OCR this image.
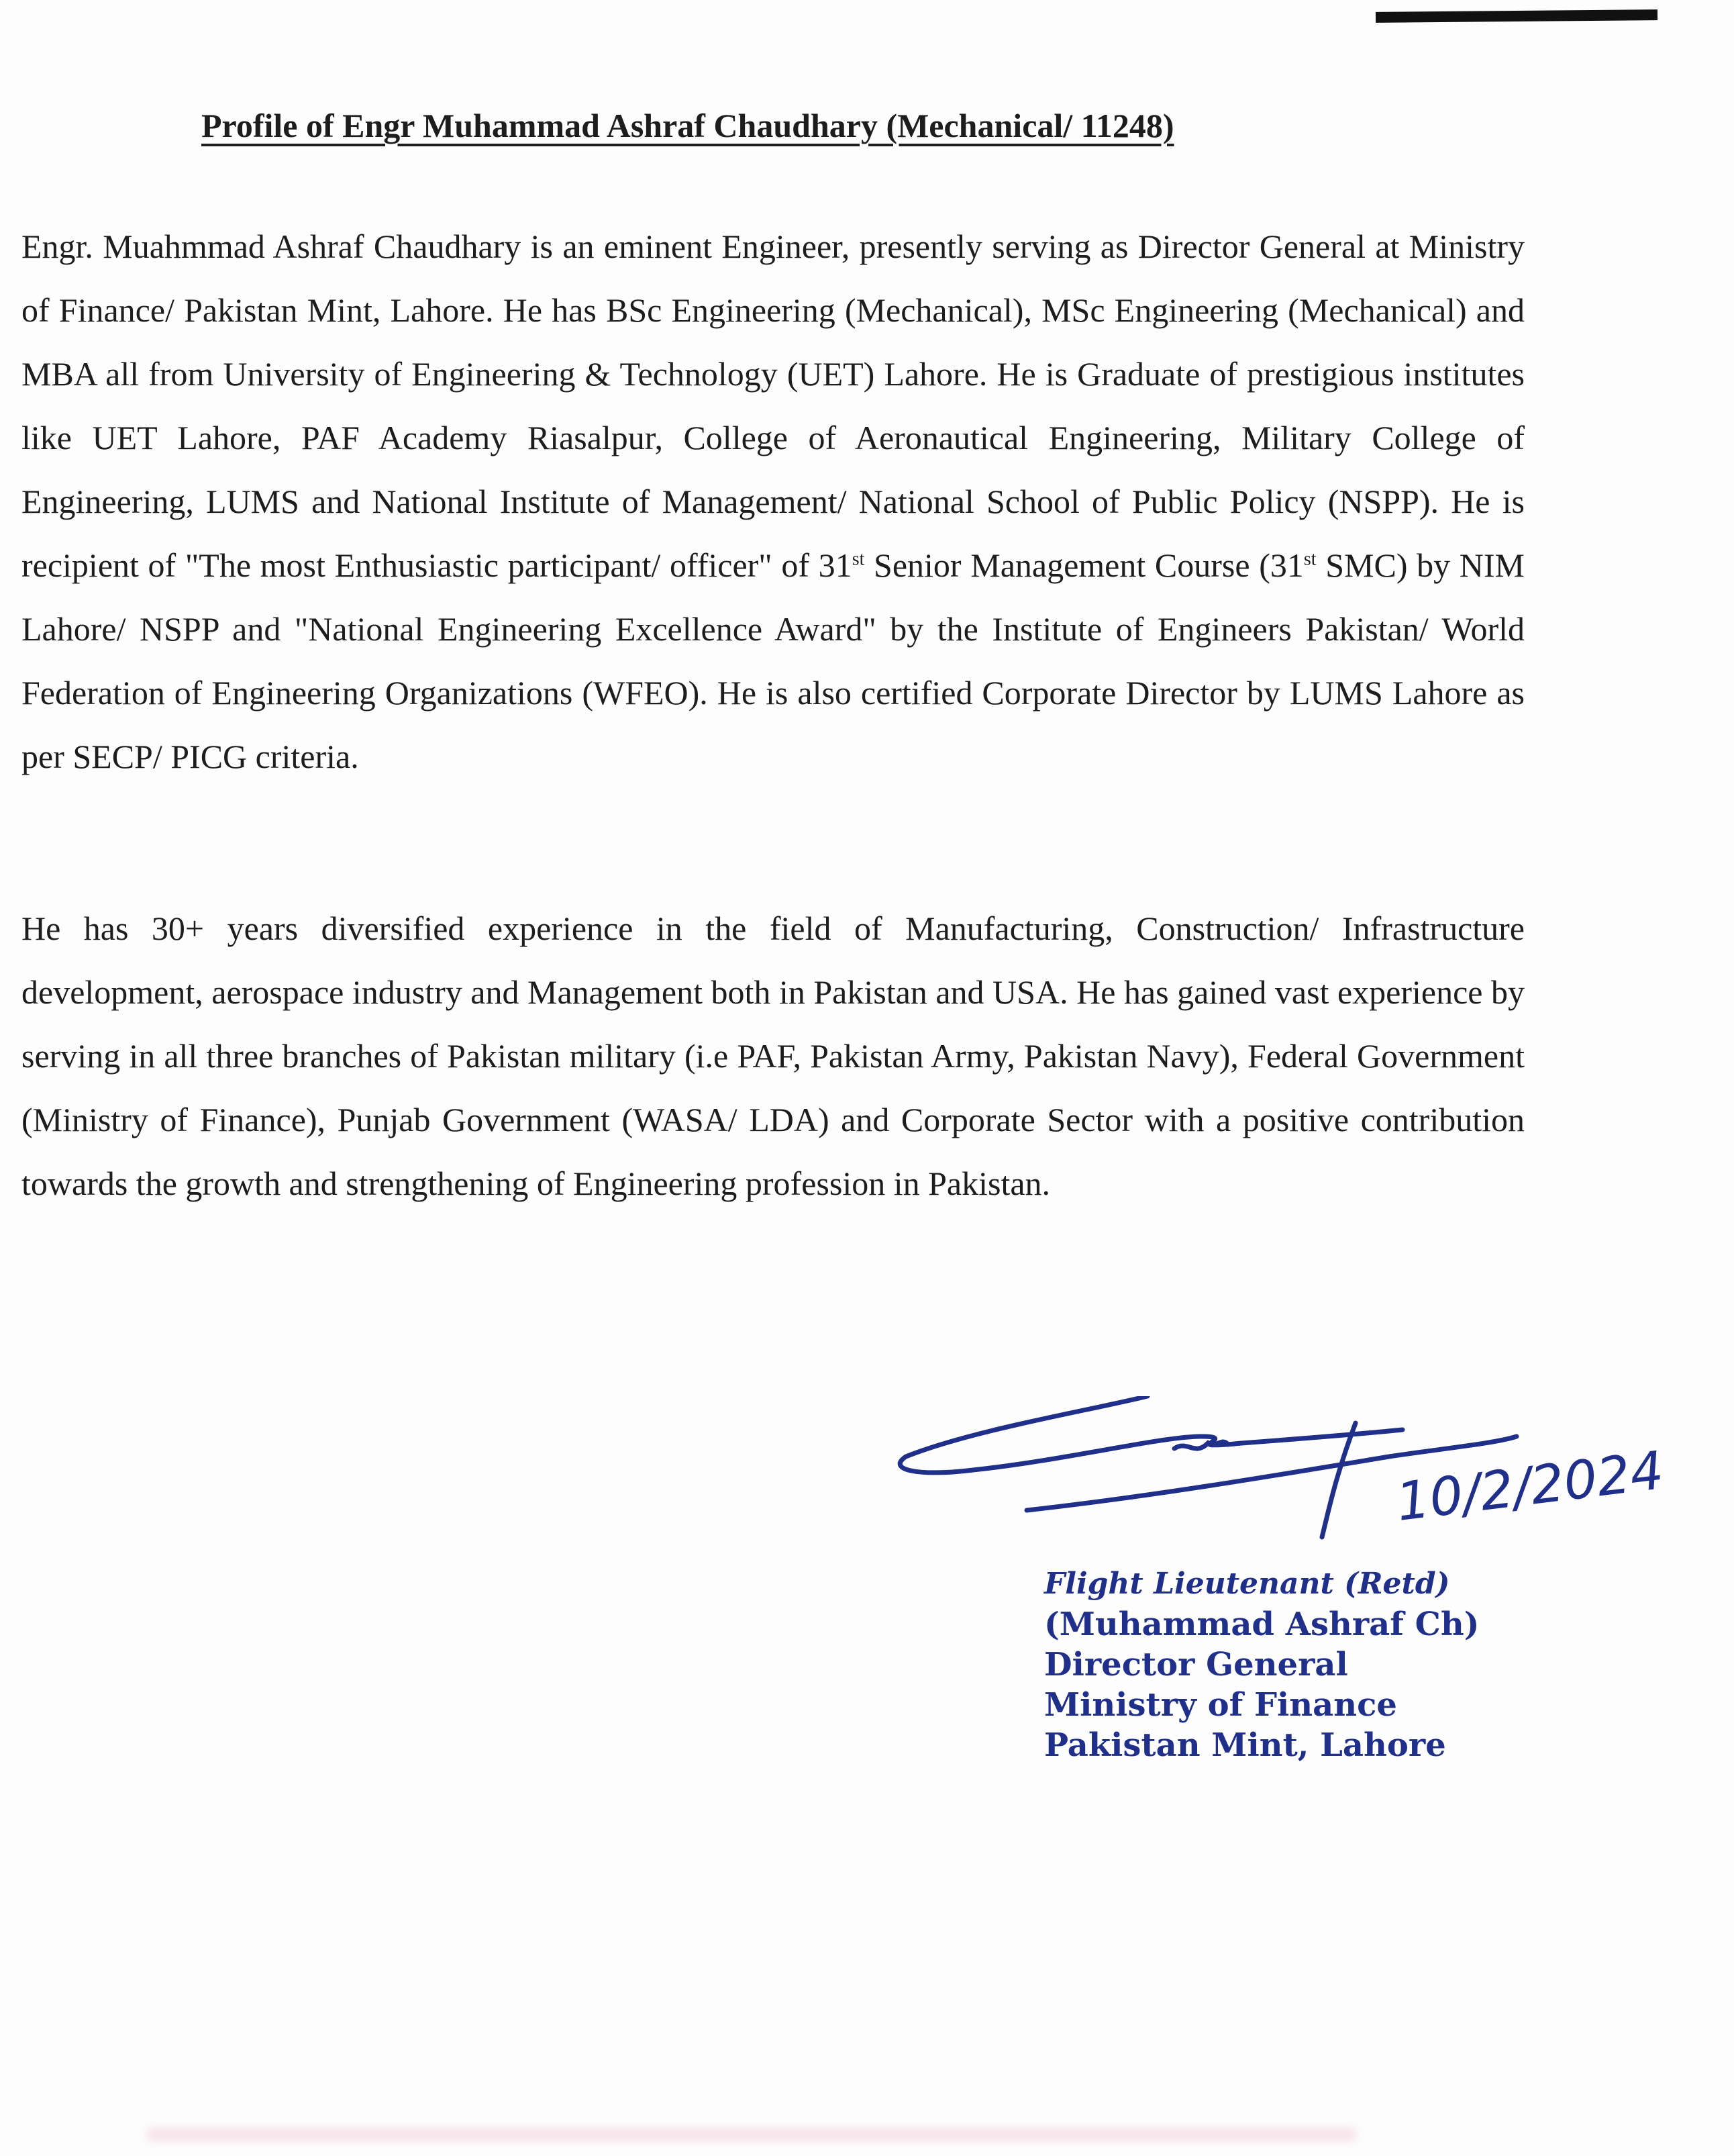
Profile of Engr Muhammad Ashraf Chaudhary (Mechanical/ 11248)

Engr. Muahmmad Ashraf Chaudhary is an eminent Engineer, presently serving as Director General at Ministry of Finance/ Pakistan Mint, Lahore. He has BSc Engineering (Mechanical), MSc Engineering (Mechanical) and MBA all from University of Engineering & Technology (UET) Lahore. He is Graduate of prestigious institutes like UET Lahore, PAF Academy Riasalpur, College of Aeronautical Engineering, Military College of Engineering, LUMS and National Institute of Management/ National School of Public Policy (NSPP). He is recipient of "The most Enthusiastic participant/ officer" of 31st Senior Management Course (31st SMC) by NIM Lahore/ NSPP and "National Engineering Excellence Award" by the Institute of Engineers Pakistan/ World Federation of Engineering Organizations (WFEO). He is also certified Corporate Director by LUMS Lahore as per SECP/ PICG criteria.

He has 30+ years diversified experience in the field of Manufacturing, Construction/ Infrastructure development, aerospace industry and Management both in Pakistan and USA. He has gained vast experience by serving in all three branches of Pakistan military (i.e PAF, Pakistan Army, Pakistan Navy), Federal Government (Ministry of Finance), Punjab Government (WASA/ LDA) and Corporate Sector with a positive contribution towards the growth and strengthening of Engineering profession in Pakistan.

10/2/2024
Flight Lieutenant (Retd)
(Muhammad Ashraf Ch)
Director General
Ministry of Finance
Pakistan Mint, Lahore
